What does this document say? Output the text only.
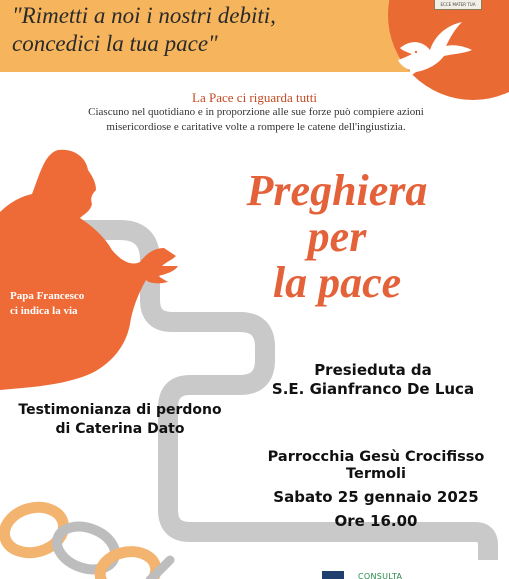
"Rimetti a noi i nostri debiti,
concedici la tua pace"
ECCE MATER TUA
La Pace ci riguarda tutti
Ciascuno nel quotidiano e in proporzione alle sue forze può compiere azioni misericordiose e caritative volte a rompere le catene dell'ingiustizia.
Preghiera
per
la pace
Papa Francesco
ci indica la via
Presieduta da
S.E. Gianfranco De Luca
Testimonianza di perdono
di Caterina Dato
Parrocchia Gesù Crocifisso
Termoli
Sabato 25 gennaio 2025
Ore 16.00
CONSULTA
